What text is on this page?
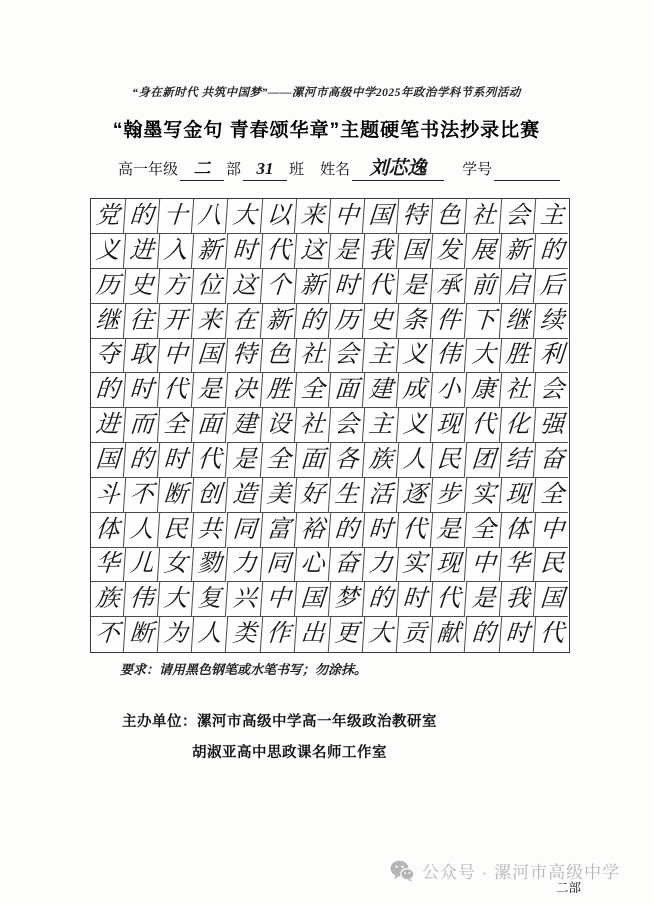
“身在新时代 共筑中国梦”——漯河市高级中学2025年政治学科节系列活动
“翰墨写金句 青春颂华章”主题硬笔书法抄录比赛
高一年级 二	部 31	班 姓名	刘芯逸	学号
党 的 十 八 大 以 来 中 国 特 色 社 会 主
义 进 入 新 时 代 这 是 我 国 发 展 新 的
历 史 方 位 这 个 新 时 代 是 承 前 启 后
继 往 开 来 在 新 的 历 史 条 件 下 继 续
夺 取 中 国 特 色 社 会 主 义 伟 大 胜 利
的 时 代 是 决 胜 全 面 建 成 小 康 社 会
进 而 全 面 建 设 社 会 主 义 现 代 化 强
国 的 时 代 是 全 面 各 族 人 民 团 结 奋
斗 不 断 创 造 美 好 生 活 逐 步 实 现 全
体 人 民 共 同 富 裕 的 时 代 是 全 体 中
华 儿 女 勠 力 同 心 奋 力 实 现 中 华 民
族 伟 大 复 兴 中 国 梦 的 时 代 是 我 国
不 断 为 人 类 作 出 更 大 贡 献 的 时 代
要求：请用黑色钢笔或水笔书写；勿涂抹。
主办单位：漯河市高级中学高一年级政治教研室
胡淑亚高中思政课名师工作室
公众号 · 漯河市高级中学
二部
